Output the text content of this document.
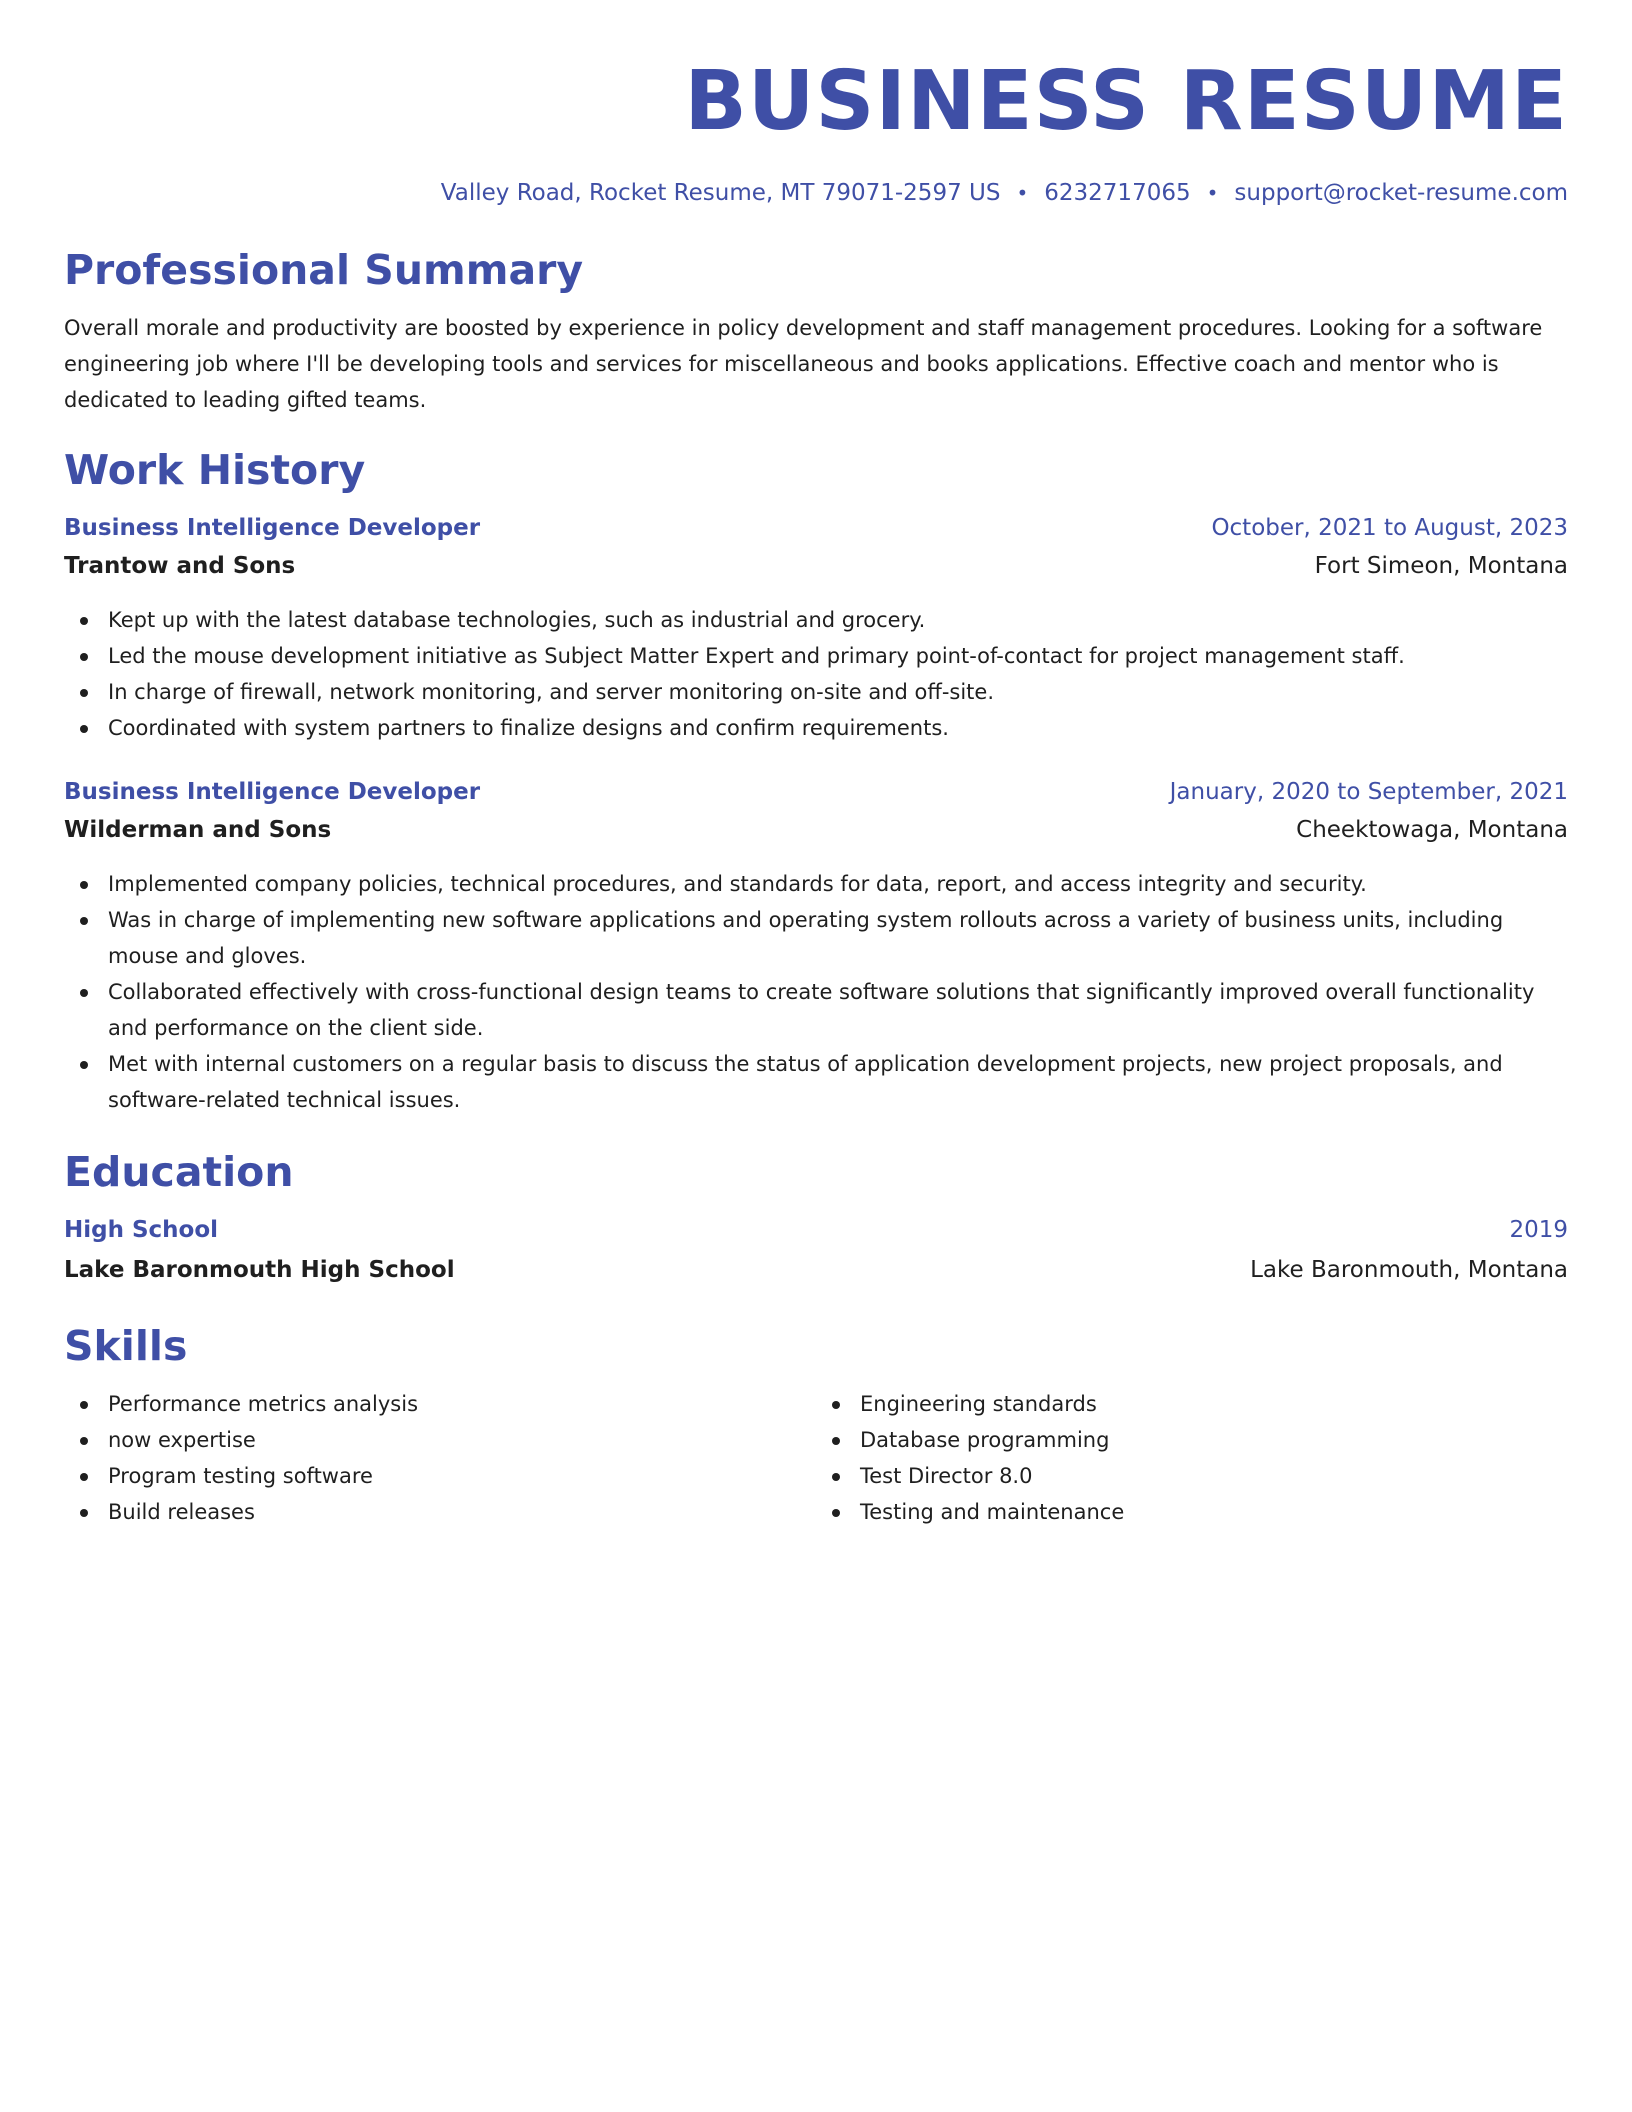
BUSINESS RESUME
Valley Road, Rocket Resume, MT 79071-2597 US • 6232717065 • support@rocket-resume.com
Professional Summary
Overall morale and productivity are boosted by experience in policy development and staff management procedures. Looking for a software engineering job where I'll be developing tools and services for miscellaneous and books applications. Effective coach and mentor who is dedicated to leading gifted teams.
Work History
Business Intelligence Developer	October, 2021 to August, 2023
Trantow and Sons	Fort Simeon, Montana
Kept up with the latest database technologies, such as industrial and grocery.
Led the mouse development initiative as Subject Matter Expert and primary point-of-contact for project management staff.
In charge of firewall, network monitoring, and server monitoring on-site and off-site.
Coordinated with system partners to finalize designs and confirm requirements.
Business Intelligence Developer	January, 2020 to September, 2021
Wilderman and Sons	Cheektowaga, Montana
Implemented company policies, technical procedures, and standards for data, report, and access integrity and security.
Was in charge of implementing new software applications and operating system rollouts across a variety of business units, including mouse and gloves.
Collaborated effectively with cross-functional design teams to create software solutions that significantly improved overall functionality and performance on the client side.
Met with internal customers on a regular basis to discuss the status of application development projects, new project proposals, and software-related technical issues.
Education
High School	2019
Lake Baronmouth High School	Lake Baronmouth, Montana
Skills
Performance metrics analysis
now expertise
Program testing software
Build releases
Engineering standards
Database programming
Test Director 8.0
Testing and maintenance
